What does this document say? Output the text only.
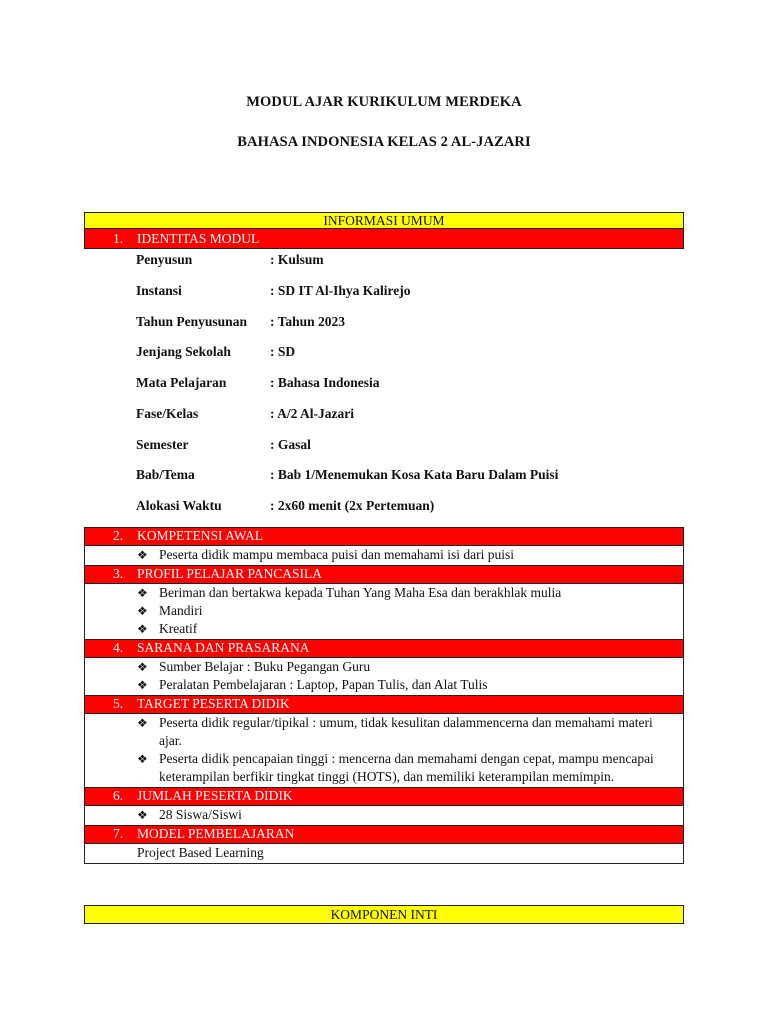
MODUL AJAR KURIKULUM MERDEKA
BAHASA INDONESIA KELAS 2 AL-JAZARI
INFORMASI UMUM
1. IDENTITAS MODUL
Penyusun	: Kulsum
Instansi	: SD IT Al-Ihya Kalirejo
Tahun Penyusunan : Tahun 2023
Jenjang Sekolah	: SD
Mata Pelajaran	: Bahasa Indonesia
Fase/Kelas	: A/2 Al-Jazari
Semester	: Gasal
Bab/Tema	: Bab 1/Menemukan Kosa Kata Baru Dalam Puisi
Alokasi Waktu	: 2x60 menit (2x Pertemuan)
2. KOMPETENSI AWAL

❖ Peserta didik mampu membaca puisi dan memahami isi dari puisi

3. PROFIL PELAJAR PANCASILA

❖ Beriman dan bertakwa kepada Tuhan Yang Maha Esa dan berakhlak mulia
❖ Mandiri
❖ Kreatif

4. SARANA DAN PRASARANA

❖ Sumber Belajar : Buku Pegangan Guru
❖ Peralatan Pembelajaran : Laptop, Papan Tulis, dan Alat Tulis

5. TARGET PESERTA DIDIK

❖ Peserta didik regular/tipikal : umum, tidak kesulitan dalammencerna dan memahami materi ajar.
❖ Peserta didik pencapaian tinggi : mencerna dan memahami dengan cepat, mampu mencapai keterampilan berfikir tingkat tinggi (HOTS), dan memiliki keterampilan memimpin.

6. JUMLAH PESERTA DIDIK

❖ 28 Siswa/Siswi

7. MODEL PEMBELAJARAN

Project Based Learning
KOMPONEN INTI
